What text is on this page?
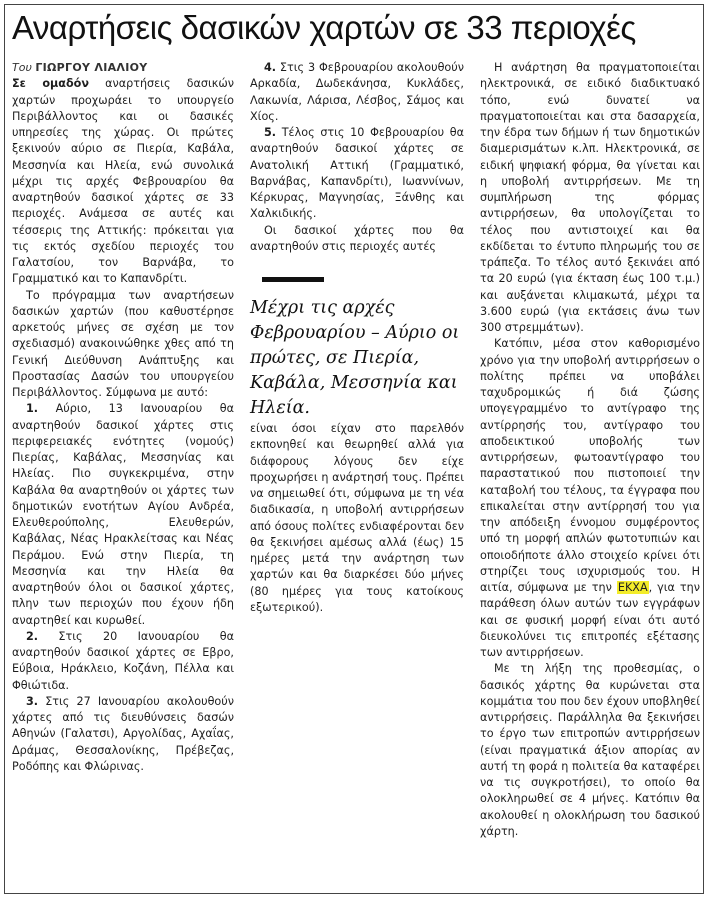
Αναρτήσεις δασικών χαρτών σε 33 περιοχές

Του ΓΙΩΡΓΟΥ ΛΙΑΛΙΟΥ

Σε ομαδόν αναρτήσεις δασικών χαρτών προχωράει το υπουργείο Περιβάλλοντος και οι δασικές υπηρεσίες της χώρας. Οι πρώτες ξεκινούν αύριο σε Πιερία, Καβάλα, Μεσσηνία και Ηλεία, ενώ συνολικά μέχρι τις αρχές Φεβρουαρίου θα αναρτηθούν δασικοί χάρτες σε 33 περιοχές. Ανάμεσα σε αυτές και τέσσερις της Αττικής: πρόκειται για τις εκτός σχεδίου περιοχές του Γαλατσίου, τον Βαρνάβα, το Γραμματικό και το Καπανδρίτι.

Το πρόγραμμα των αναρτήσεων δασικών χαρτών (που καθυστέρησε αρκετούς μήνες σε σχέση με τον σχεδιασμό) ανακοινώθηκε χθες από τη Γενική Διεύθυνση Ανάπτυξης και Προστασίας Δασών του υπουργείου Περιβάλλοντος. Σύμφωνα με αυτό:

1. Αύριο, 13 Ιανουαρίου θα αναρτηθούν δασικοί χάρτες στις περιφερειακές ενότητες (νομούς) Πιερίας, Καβάλας, Μεσσηνίας και Ηλείας. Πιο συγκεκριμένα, στην Καβάλα θα αναρτηθούν οι χάρτες των δημοτικών ενοτήτων Αγίου Ανδρέα, Ελευθερούπολης, Ελευθερών, Καβάλας, Νέας Ηρακλείτσας και Νέας Περάμου. Ενώ στην Πιερία, τη Μεσσηνία και την Ηλεία θα αναρτηθούν όλοι οι δασικοί χάρτες, πλην των περιοχών που έχουν ήδη αναρτηθεί και κυρωθεί.

2. Στις 20 Ιανουαρίου θα αναρτηθούν δασικοί χάρτες σε Εβρο, Εύβοια, Ηράκλειο, Κοζάνη, Πέλλα και Φθιώτιδα.

3. Στις 27 Ιανουαρίου ακολουθούν χάρτες από τις διευθύνσεις δασών Αθηνών (Γαλατσι), Αργολίδας, Αχαΐας, Δράμας, Θεσσαλονίκης, Πρέβεζας, Ροδόπης και Φλώρινας.

4. Στις 3 Φεβρουαρίου ακολουθούν Αρκαδία, Δωδεκάνησα, Κυκλάδες, Λακωνία, Λάρισα, Λέσβος, Σάμος και Χίος.

5. Τέλος στις 10 Φεβρουαρίου θα αναρτηθούν δασικοί χάρτες σε Ανατολική Αττική (Γραμματικό, Βαρνάβας, Καπανδρίτι), Ιωαννίνων, Κέρκυρας, Μαγνησίας, Ξάνθης και Χαλκιδικής.

Οι δασικοί χάρτες που θα αναρτηθούν στις περιοχές αυτές

Μέχρι τις αρχές Φεβρουαρίου – Αύριο οι πρώτες, σε Πιερία, Καβάλα, Μεσσηνία και Ηλεία.

είναι όσοι είχαν στο παρελθόν εκπονηθεί και θεωρηθεί αλλά για διάφορους λόγους δεν είχε προχωρήσει η ανάρτησή τους. Πρέπει να σημειωθεί ότι, σύμφωνα με τη νέα διαδικασία, η υποβολή αντιρρήσεων από όσους πολίτες ενδιαφέρονται δεν θα ξεκινήσει αμέσως αλλά (έως) 15 ημέρες μετά την ανάρτηση των χαρτών και θα διαρκέσει δύο μήνες (80 ημέρες για τους κατοίκους εξωτερικού).

Η ανάρτηση θα πραγματοποιείται ηλεκτρονικά, σε ειδικό διαδικτυακό τόπο, ενώ δυνατεί να πραγματοποιείται και στα δασαρχεία, την έδρα των δήμων ή των δημοτικών διαμερισμάτων κ.λπ. Ηλεκτρονικά, σε ειδική ψηφιακή φόρμα, θα γίνεται και η υποβολή αντιρρήσεων. Με τη συμπλήρωση της φόρμας αντιρρήσεων, θα υπολογίζεται το τέλος που αντιστοιχεί και θα εκδίδεται το έντυπο πληρωμής του σε τράπεζα. Το τέλος αυτό ξεκινάει από τα 20 ευρώ (για έκταση έως 100 τ.μ.) και αυξάνεται κλιμακωτά, μέχρι τα 3.600 ευρώ (για εκτάσεις άνω των 300 στρεμμάτων).

Κατόπιν, μέσα στον καθορισμένο χρόνο για την υποβολή αντιρρήσεων ο πολίτης πρέπει να υποβάλει ταχυδρομικώς ή διά ζώσης υπογεγραμμένο το αντίγραφο της αντίρρησής του, αντίγραφο του αποδεικτικού υποβολής των αντιρρήσεων, φωτοαντίγραφο του παραστατικού που πιστοποιεί την καταβολή του τέλους, τα έγγραφα που επικαλείται στην αντίρρησή του για την απόδειξη έννομου συμφέροντος υπό τη μορφή απλών φωτοτυπιών και οποιοδήποτε άλλο στοιχείο κρίνει ότι στηρίζει τους ισχυρισμούς του. Η αιτία, σύμφωνα με την ΕΚΧΑ, για την παράθεση όλων αυτών των εγγράφων και σε φυσική μορφή είναι ότι αυτό διευκολύνει τις επιτροπές εξέτασης των αντιρρήσεων.

Με τη λήξη της προθεσμίας, ο δασικός χάρτης θα κυρώνεται στα κομμάτια του που δεν έχουν υποβληθεί αντιρρήσεις. Παράλληλα θα ξεκινήσει το έργο των επιτροπών αντιρρήσεων (είναι πραγματικά άξιον απορίας αν αυτή τη φορά η πολιτεία θα καταφέρει να τις συγκροτήσει), το οποίο θα ολοκληρωθεί σε 4 μήνες. Κατόπιν θα ακολουθεί η ολοκλήρωση του δασικού χάρτη.
